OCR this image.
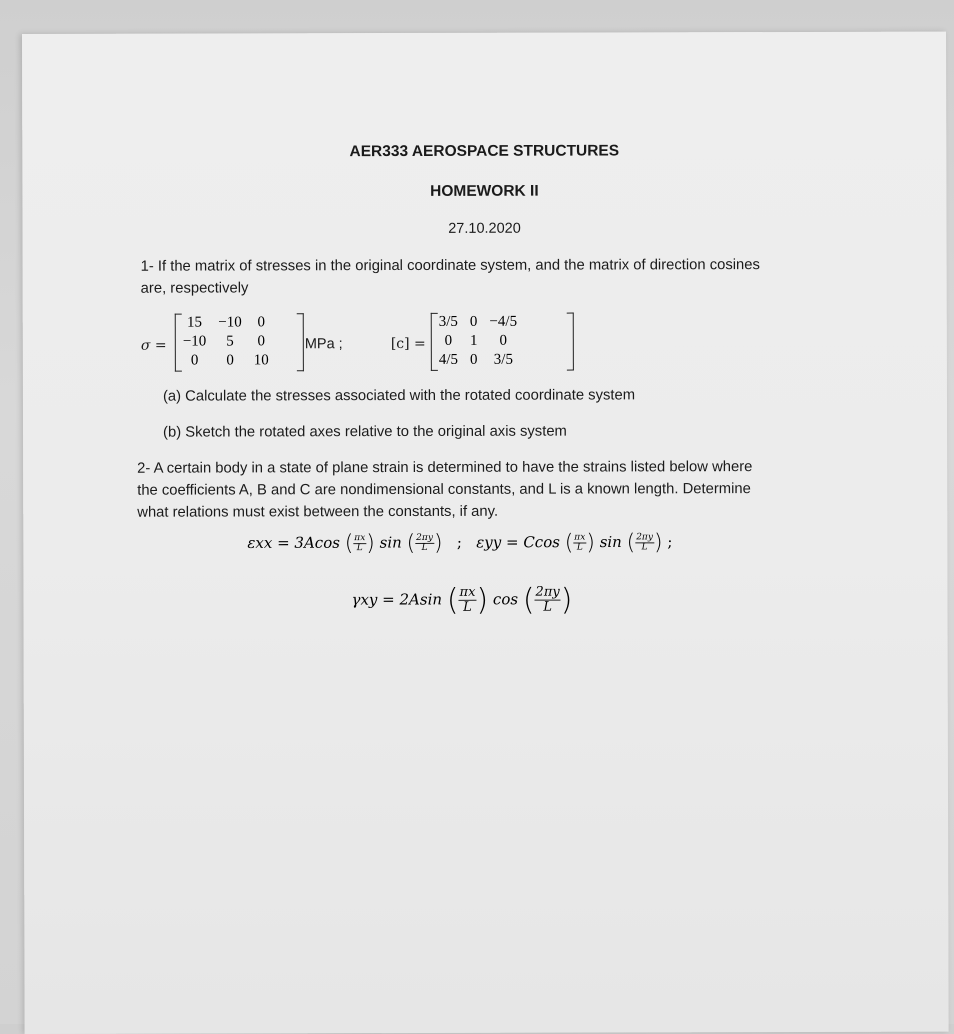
AER333 AEROSPACE STRUCTURES
HOMEWORK II
27.10.2020
1- If the matrix of stresses in the original coordinate system, and the matrix of direction cosines
are, respectively
σ =
15	−10	0
−10	5	0
0	0	10
MPa ;	[c] =
3/5	0	−4/5
0	1	0
4/5	0	3/5
(a) Calculate the stresses associated with the rotated coordinate system
(b) Sketch the rotated axes relative to the original axis system
2- A certain body in a state of plane strain is determined to have the strains listed below where
the coefficients A, B and C are nondimensional constants, and L is a known length. Determine
what relations must exist between the constants, if any.
εxx = 3Acos ( $\frac{\pi x}{L}$ ) sin ( $\frac{2\pi y}{L}$ ) ; εyy = Ccos ( $\frac{\pi x}{L}$ ) sin ( $\frac{2\pi y}{L}$ ) ;
γxy = 2Asin ( $\frac{\pi x}{L}$ ) cos ( $\frac{2\pi y}{L}$ )
